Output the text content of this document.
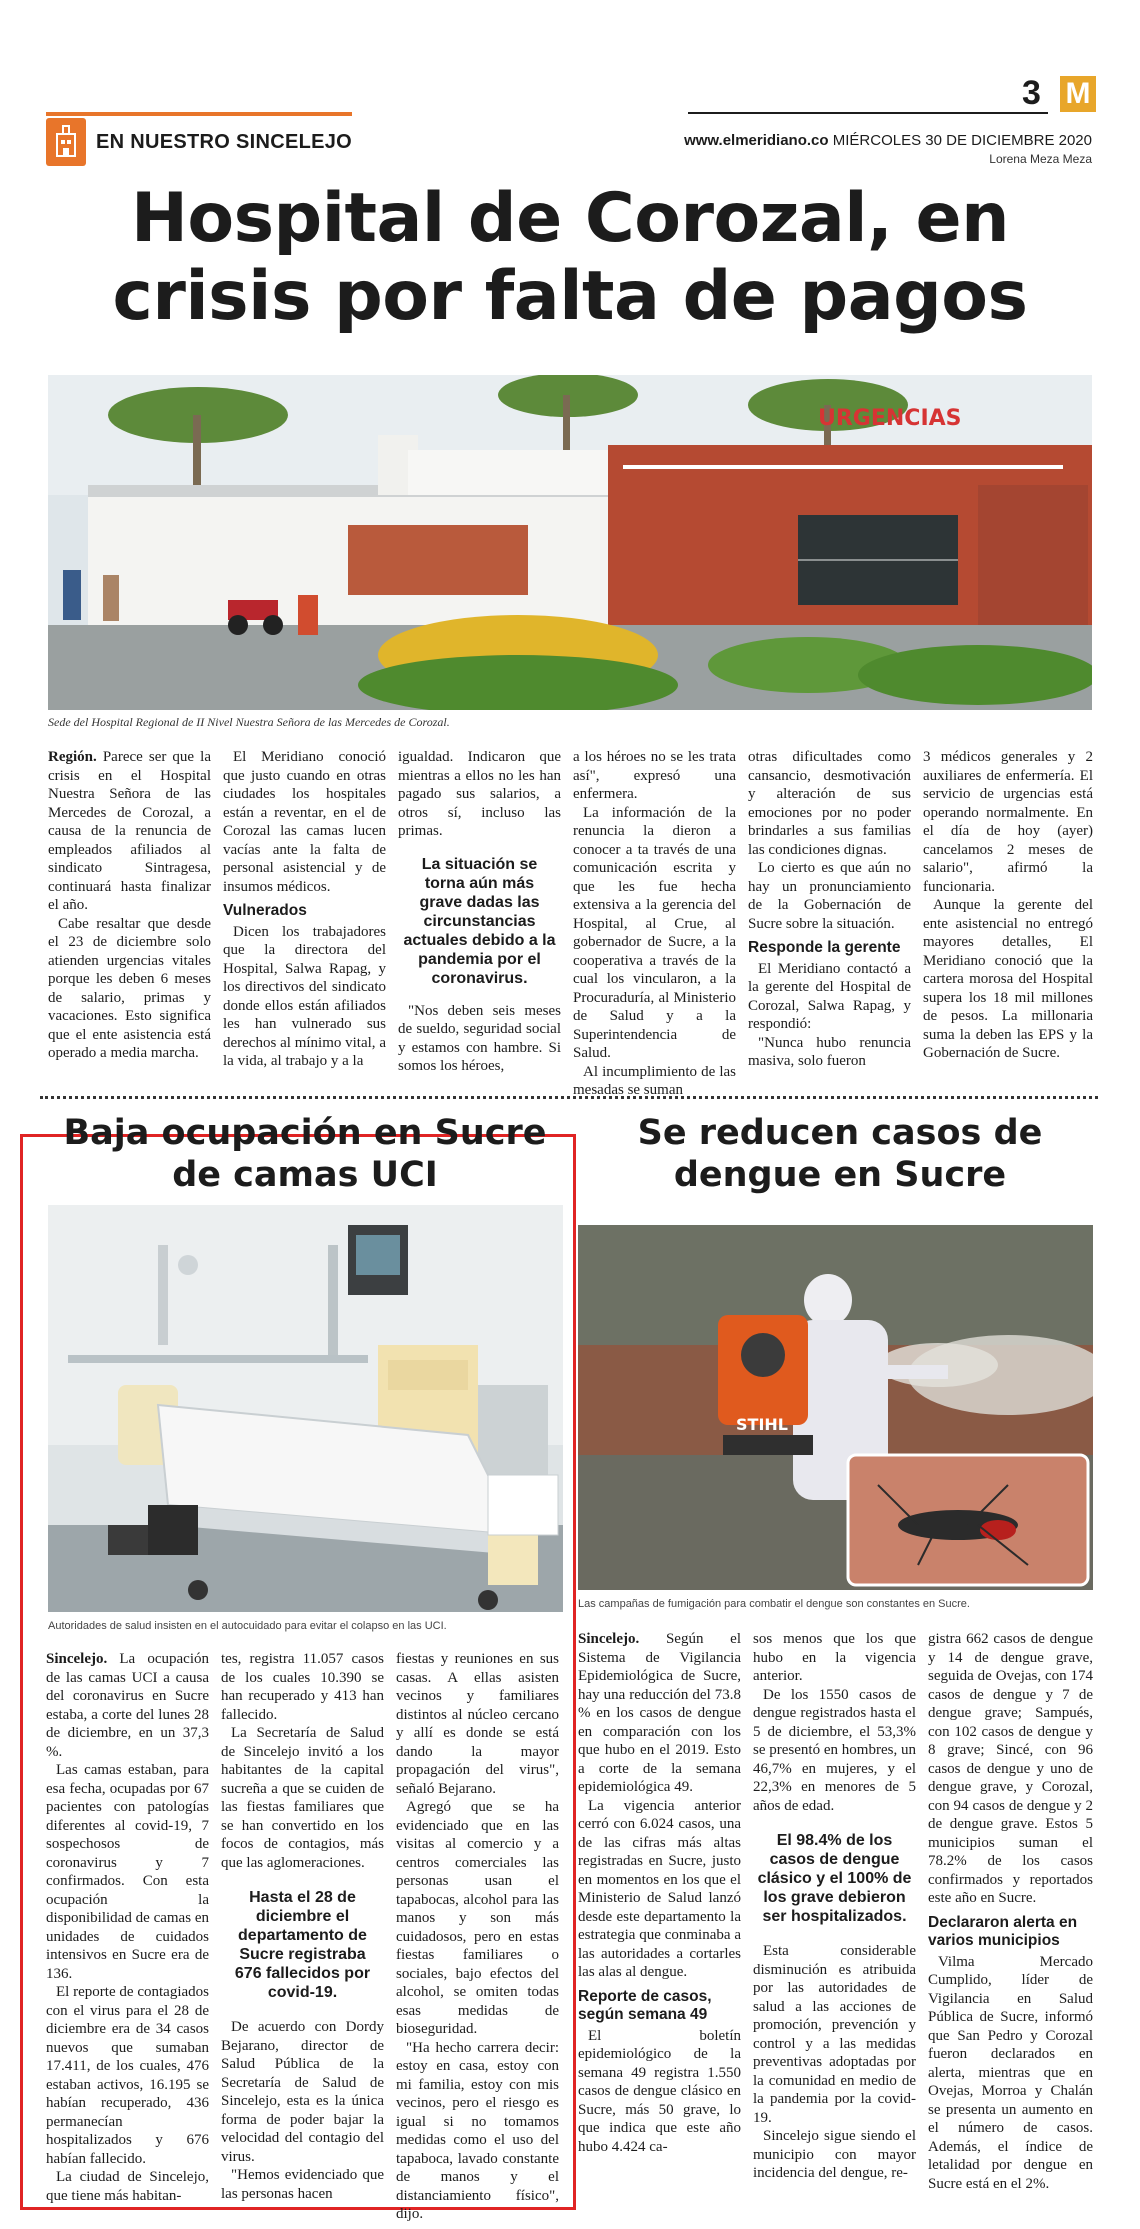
EN NUESTRO SINCELEJO
3 M
www.elmeridiano.co MIÉRCOLES 30 DE DICIEMBRE 2020
Lorena Meza Meza
Hospital de Corozal, en crisis por falta de pagos
URGENCIAS
Sede del Hospital Regional de II Nivel Nuestra Señora de las Mercedes de Corozal.

Región. Parece ser que la crisis en el Hospital Nuestra Señora de las Mercedes de Corozal, a causa de la renuncia de empleados afiliados al sindicato Sintragesa, continuará hasta finalizar el año.

Cabe resaltar que desde el 23 de diciembre solo atienden urgencias vitales porque les deben 6 meses de salario, primas y vacaciones. Esto significa que el ente asistencia está operado a media marcha.

El Meridiano conoció que justo cuando en otras ciudades los hospitales están a reventar, en el de Corozal las camas lucen vacías ante la falta de personal asistencial y de insumos médicos.

Vulnerados

Dicen los trabajadores que la directora del Hospital, Salwa Rapag, y los directivos del sindicato donde ellos están afiliados les han vulnerado sus derechos al mínimo vital, a la vida, al trabajo y a la

igualdad. Indicaron que mientras a ellos no les han pagado sus salarios, a otros sí, incluso las primas.

La situación se torna aún más grave dadas las circunstancias actuales debido a la pandemia por el coronavirus.

"Nos deben seis meses de sueldo, seguridad social y estamos con hambre. Si somos los héroes,

a los héroes no se les trata así", expresó una enfermera.

La información de la renuncia la dieron a conocer a ta través de una comunicación escrita y que les fue hecha extensiva a la gerencia del Hospital, al Crue, al gobernador de Sucre, a la cooperativa a través de la cual los vincularon, a la Procuraduría, al Ministerio de Salud y a la Superintendencia de Salud.

Al incumplimiento de las mesadas se suman

otras dificultades como cansancio, desmotivación y alteración de sus emociones por no poder brindarles a sus familias las condiciones dignas.

Lo cierto es que aún no hay un pronunciamiento de la Gobernación de Sucre sobre la situación.

Responde la gerente

El Meridiano contactó a la gerente del Hospital de Corozal, Salwa Rapag, y respondió:

"Nunca hubo renuncia masiva, solo fueron

3 médicos generales y 2 auxiliares de enfermería. El servicio de urgencias está operando normalmente. En el día de hoy (ayer) cancelamos 2 meses de salario", afirmó la funcionaria.

Aunque la gerente del ente asistencial no entregó mayores detalles, El Meridiano conoció que la cartera morosa del Hospital supera los 18 mil millones de pesos. La millonaria suma la deben las EPS y la Gobernación de Sucre.

Baja ocupación en Sucre de camas UCI
Autoridades de salud insisten en el autocuidado para evitar el colapso en las UCI.

Sincelejo. La ocupación de las camas UCI a causa del coronavirus en Sucre estaba, a corte del lunes 28 de diciembre, en un 37,3 %.

Las camas estaban, para esa fecha, ocupadas por 67 pacientes con patologías diferentes al covid-19, 7 sospechosos de coronavirus y 7 confirmados. Con esta ocupación la disponibilidad de camas en unidades de cuidados intensivos en Sucre era de 136.

El reporte de contagiados con el virus para el 28 de diciembre era de 34 casos nuevos que sumaban 17.411, de los cuales, 476 estaban activos, 16.195 se habían recuperado, 436 permanecían hospitalizados y 676 habían fallecido.

La ciudad de Sincelejo, que tiene más habitan-

tes, registra 11.057 casos de los cuales 10.390 se han recuperado y 413 han fallecido.

La Secretaría de Salud de Sincelejo invitó a los habitantes de la capital sucreña a que se cuiden de las fiestas familiares que se han convertido en los focos de contagios, más que las aglomeraciones.

Hasta el 28 de diciembre el departamento de Sucre registraba 676 fallecidos por covid-19.

De acuerdo con Dordy Bejarano, director de Salud Pública de la Secretaría de Salud de Sincelejo, esta es la única forma de poder bajar la velocidad del contagio del virus.

"Hemos evidenciado que las personas hacen

fiestas y reuniones en sus casas. A ellas asisten vecinos y familiares distintos al núcleo cercano y allí es donde se está dando la mayor propagación del virus", señaló Bejarano.

Agregó que se ha evidenciado que en las visitas al comercio y a centros comerciales las personas usan el tapabocas, alcohol para las manos y son más cuidadosos, pero en estas fiestas familiares o sociales, bajo efectos del alcohol, se omiten todas esas medidas de bioseguridad.

"Ha hecho carrera decir: estoy en casa, estoy con mi familia, estoy con mis vecinos, pero el riesgo es igual si no tomamos medidas como el uso del tapaboca, lavado constante de manos y el distanciamiento físico", dijo.

Se reducen casos de dengue en Sucre
STIHL
Las campañas de fumigación para combatir el dengue son constantes en Sucre.

Sincelejo. Según el Sistema de Vigilancia Epidemiológica de Sucre, hay una reducción del 73.8 % en los casos de dengue en comparación con los que hubo en el 2019. Esto a corte de la semana epidemiológica 49.

La vigencia anterior cerró con 6.024 casos, una de las cifras más altas registradas en Sucre, justo en momentos en los que el Ministerio de Salud lanzó desde este departamento la estrategia que conminaba a las autoridades a cortarles las alas al dengue.

Reporte de casos, según semana 49

El boletín epidemiológico de la semana 49 registra 1.550 casos de dengue clásico en Sucre, más 50 grave, lo que indica que este año hubo 4.424 ca-

sos menos que los que hubo en la vigencia anterior.

De los 1550 casos de dengue registrados hasta el 5 de diciembre, el 53,3% se presentó en hombres, un 46,7% en mujeres, y el 22,3% en menores de 5 años de edad.

El 98.4% de los casos de dengue clásico y el 100% de los grave debieron ser hospitalizados.

Esta considerable disminución es atribuida por las autoridades de salud a las acciones de promoción, prevención y control y a las medidas preventivas adoptadas por la comunidad en medio de la pandemia por la covid-19.

Sincelejo sigue siendo el municipio con mayor incidencia del dengue, re-

gistra 662 casos de dengue y 14 de dengue grave, seguida de Ovejas, con 174 casos de dengue y 7 de dengue grave; Sampués, con 102 casos de dengue y 8 grave; Sincé, con 96 casos de dengue y uno de dengue grave, y Corozal, con 94 casos de dengue y 2 de dengue grave. Estos 5 municipios suman el 78.2% de los casos confirmados y reportados este año en Sucre.

Declararon alerta en varios municipios

Vilma Mercado Cumplido, líder de Vigilancia en Salud Pública de Sucre, informó que San Pedro y Corozal fueron declarados en alerta, mientras que en Ovejas, Morroa y Chalán se presenta un aumento en el número de casos. Además, el índice de letalidad por dengue en Sucre está en el 2%.
